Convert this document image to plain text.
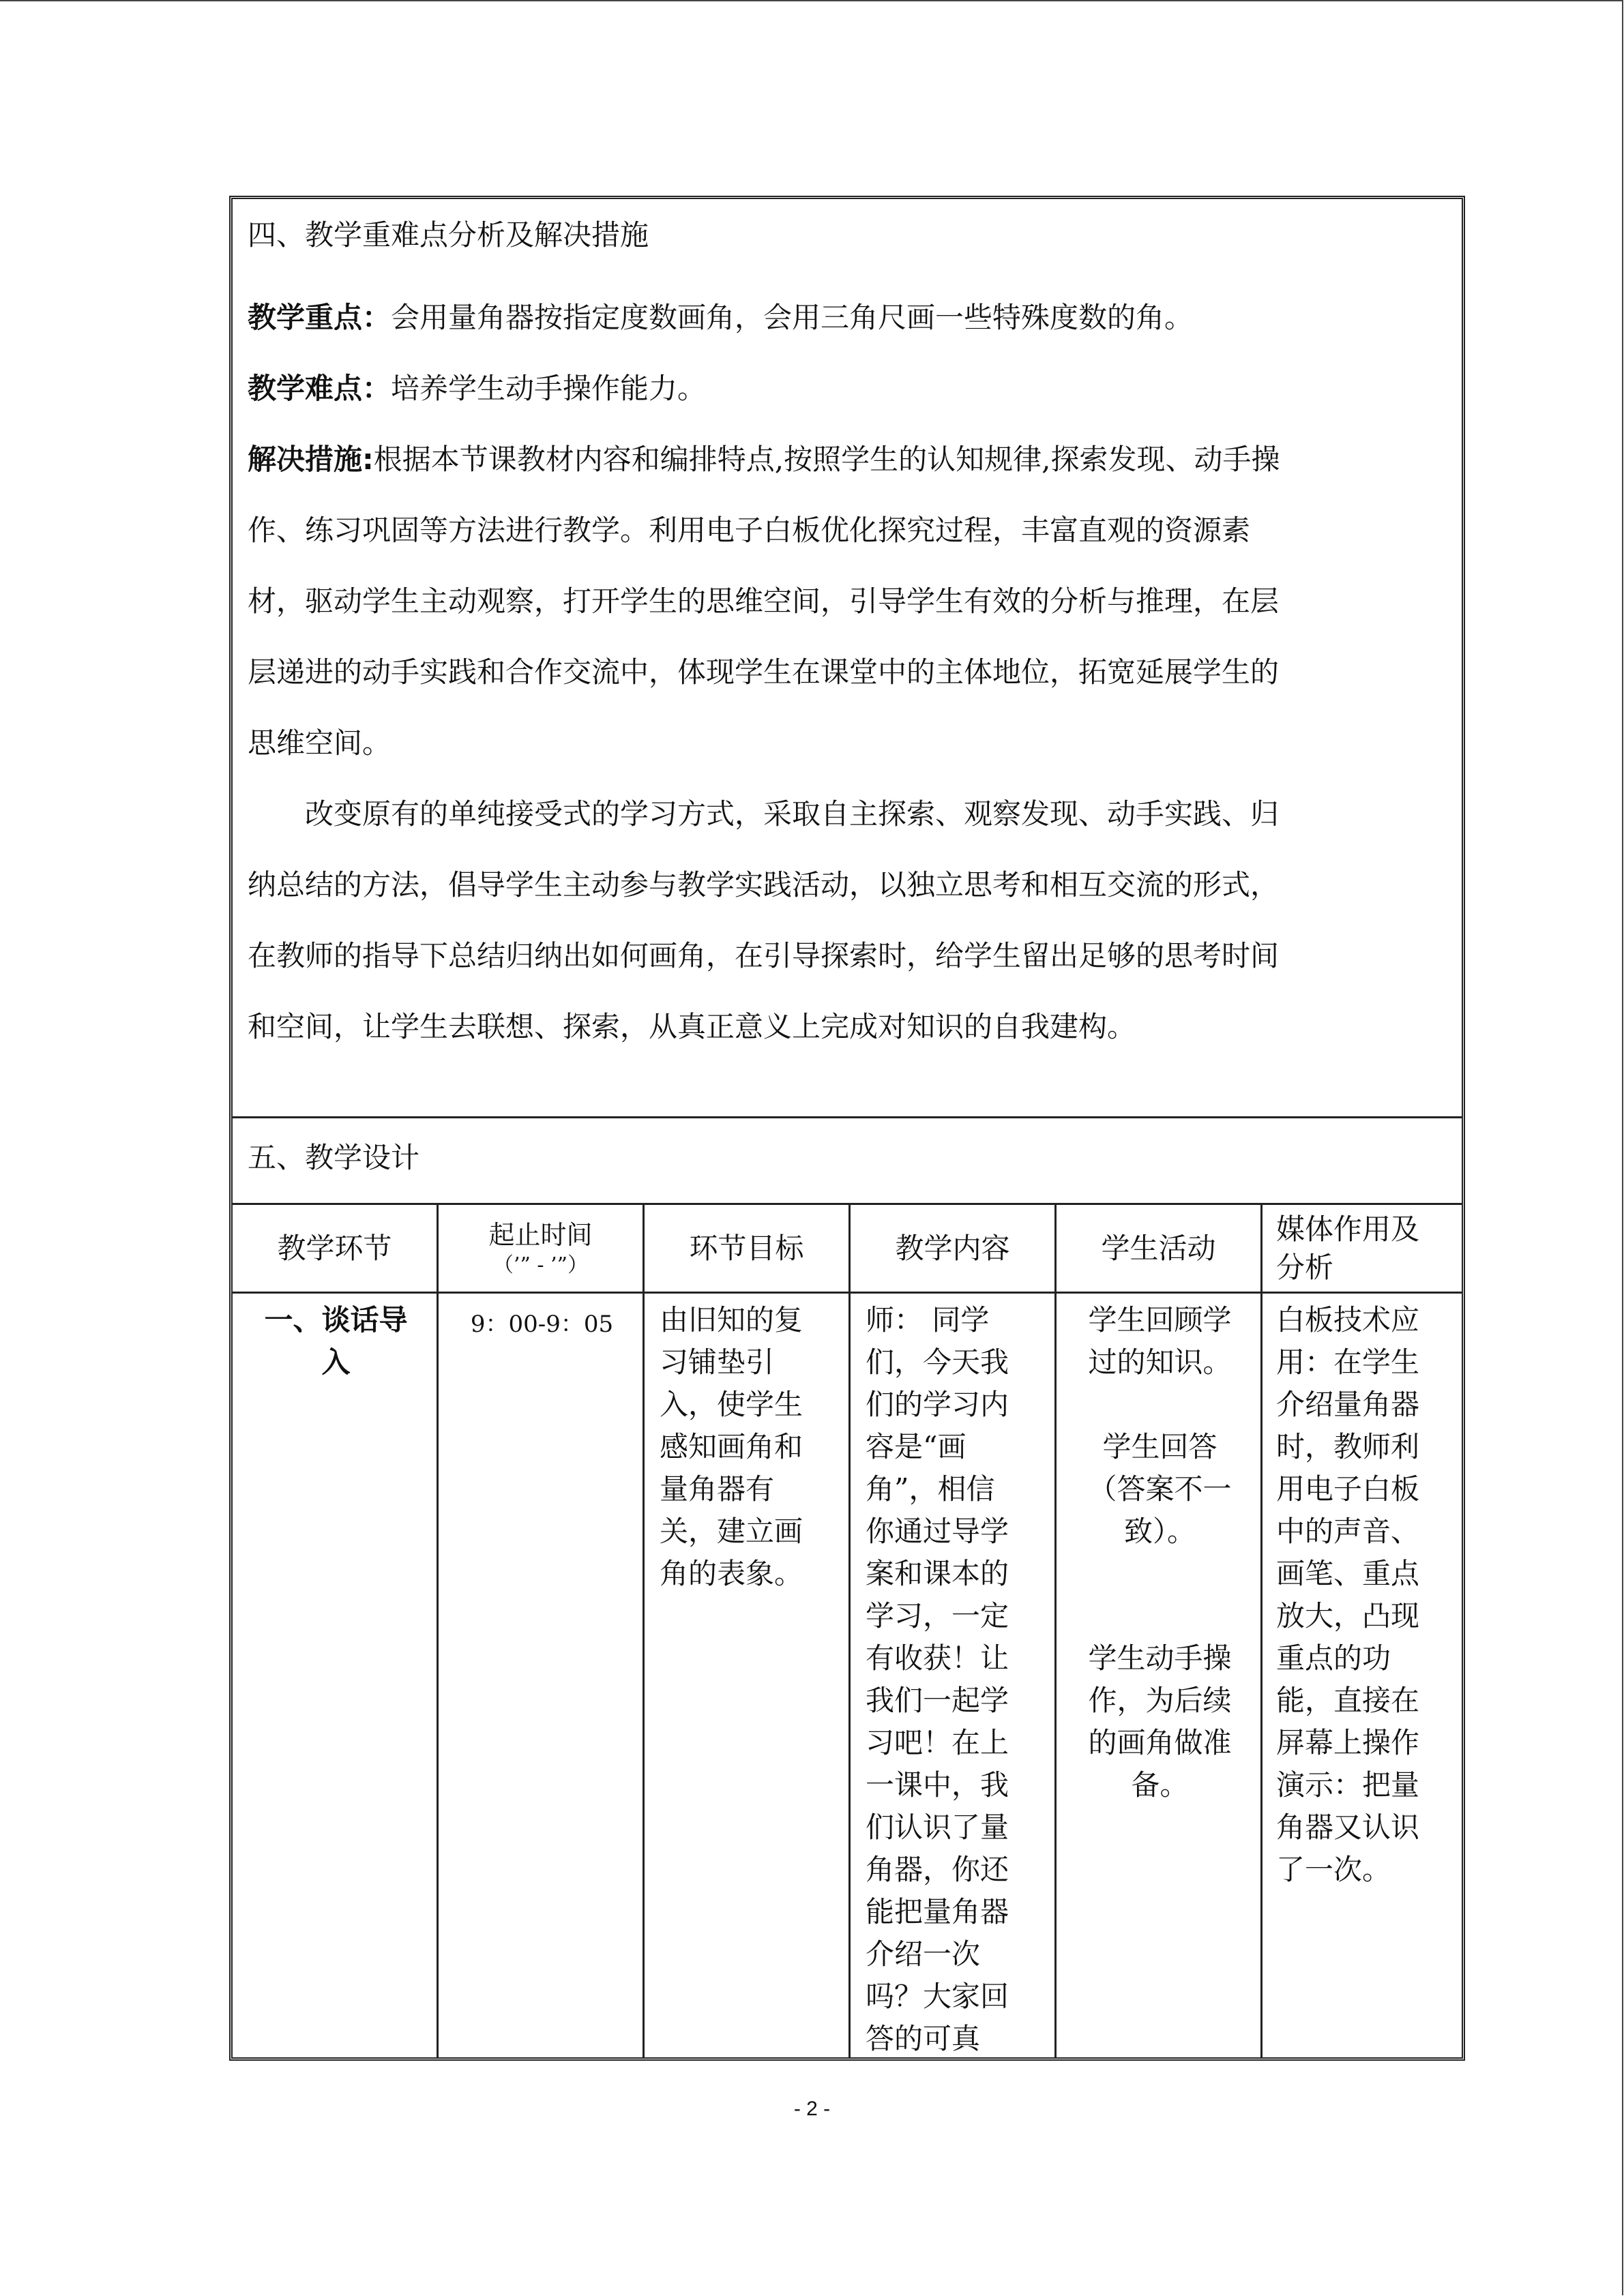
四、教学重难点分析及解决措施
教学重点：会用量角器按指定度数画角，会用三角尺画一些特殊度数的角。
教学难点：培养学生动手操作能力。
解决措施:根据本节课教材内容和编排特点,按照学生的认知规律,探索发现、动手操
作、练习巩固等方法进行教学。利用电子白板优化探究过程，丰富直观的资源素
材，驱动学生主动观察，打开学生的思维空间，引导学生有效的分析与推理，在层
层递进的动手实践和合作交流中，体现学生在课堂中的主体地位，拓宽延展学生的
思维空间。
改变原有的单纯接受式的学习方式，采取自主探索、观察发现、动手实践、归
纳总结的方法，倡导学生主动参与教学实践活动，以独立思考和相互交流的形式，
在教师的指导下总结归纳出如何画角，在引导探索时，给学生留出足够的思考时间
和空间，让学生去联想、探索，从真正意义上完成对知识的自我建构。
五、教学设计
教学环节
一、谈话导
入
起止时间
（’” - ’”）
9：00-9：05
环节目标
由旧知的复
习铺垫引
入，使学生
感知画角和
量角器有
关，建立画
角的表象。
教学内容
师： 同学
们，今天我
们的学习内
容是“画
角”，相信
你通过导学
案和课本的
学习，一定
有收获！让
我们一起学
习吧！在上
一课中，我
们认识了量
角器，你还
能把量角器
介绍一次
吗？大家回
答的可真
学生活动
学生回顾学
过的知识。
学生回答
（答案不一
致）。
学生动手操
作，为后续
的画角做准
备。
媒体作用及
分析
白板技术应
用：在学生
介绍量角器
时，教师利
用电子白板
中的声音、
画笔、重点
放大，凸现
重点的功
能，直接在
屏幕上操作
演示：把量
角器又认识
了一次。
- 2 -
